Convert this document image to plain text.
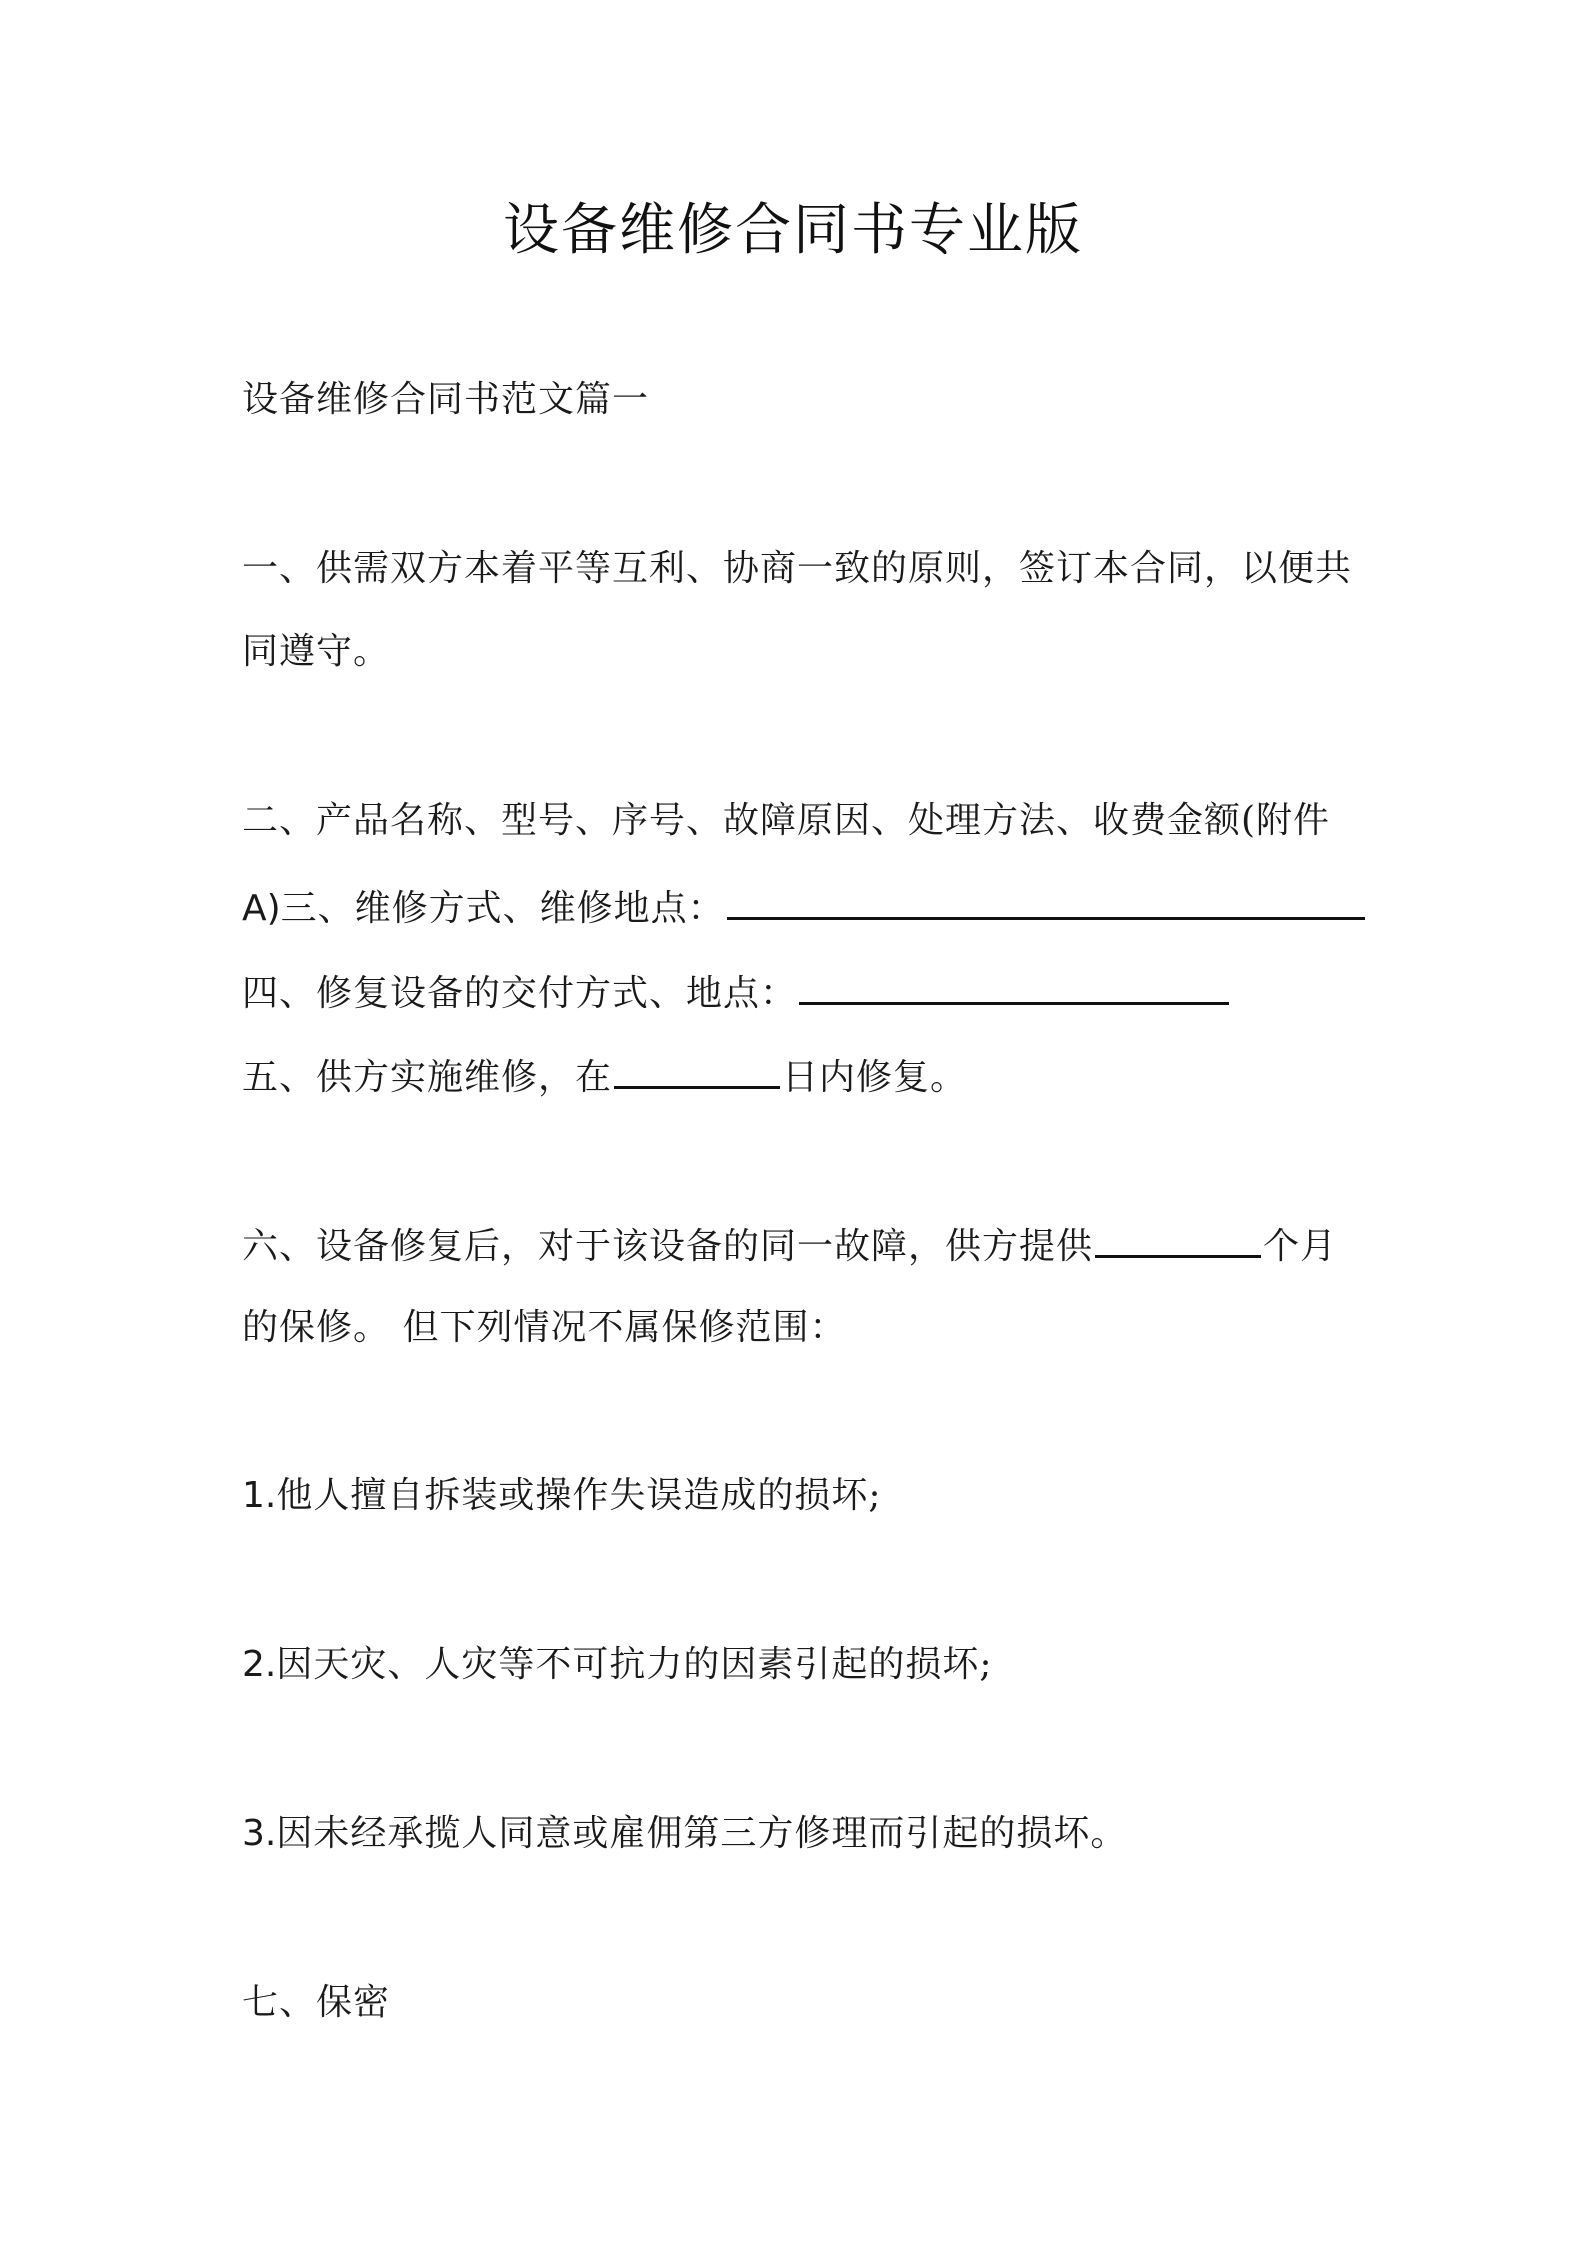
设备维修合同书专业版
设备维修合同书范文篇一
一、供需双方本着平等互利、协商一致的原则，签订本合同，以便共
同遵守。
二、产品名称、型号、序号、故障原因、处理方法、收费金额(附件
A)三、维修方式、维修地点：
四、修复设备的交付方式、地点：
五、供方实施维修，在	日内修复。
六、设备修复后，对于该设备的同一故障，供方提供	个月
的保修。 但下列情况不属保修范围：
1.他人擅自拆装或操作失误造成的损坏;
2.因天灾、人灾等不可抗力的因素引起的损坏;
3.因未经承揽人同意或雇佣第三方修理而引起的损坏。
七、保密
